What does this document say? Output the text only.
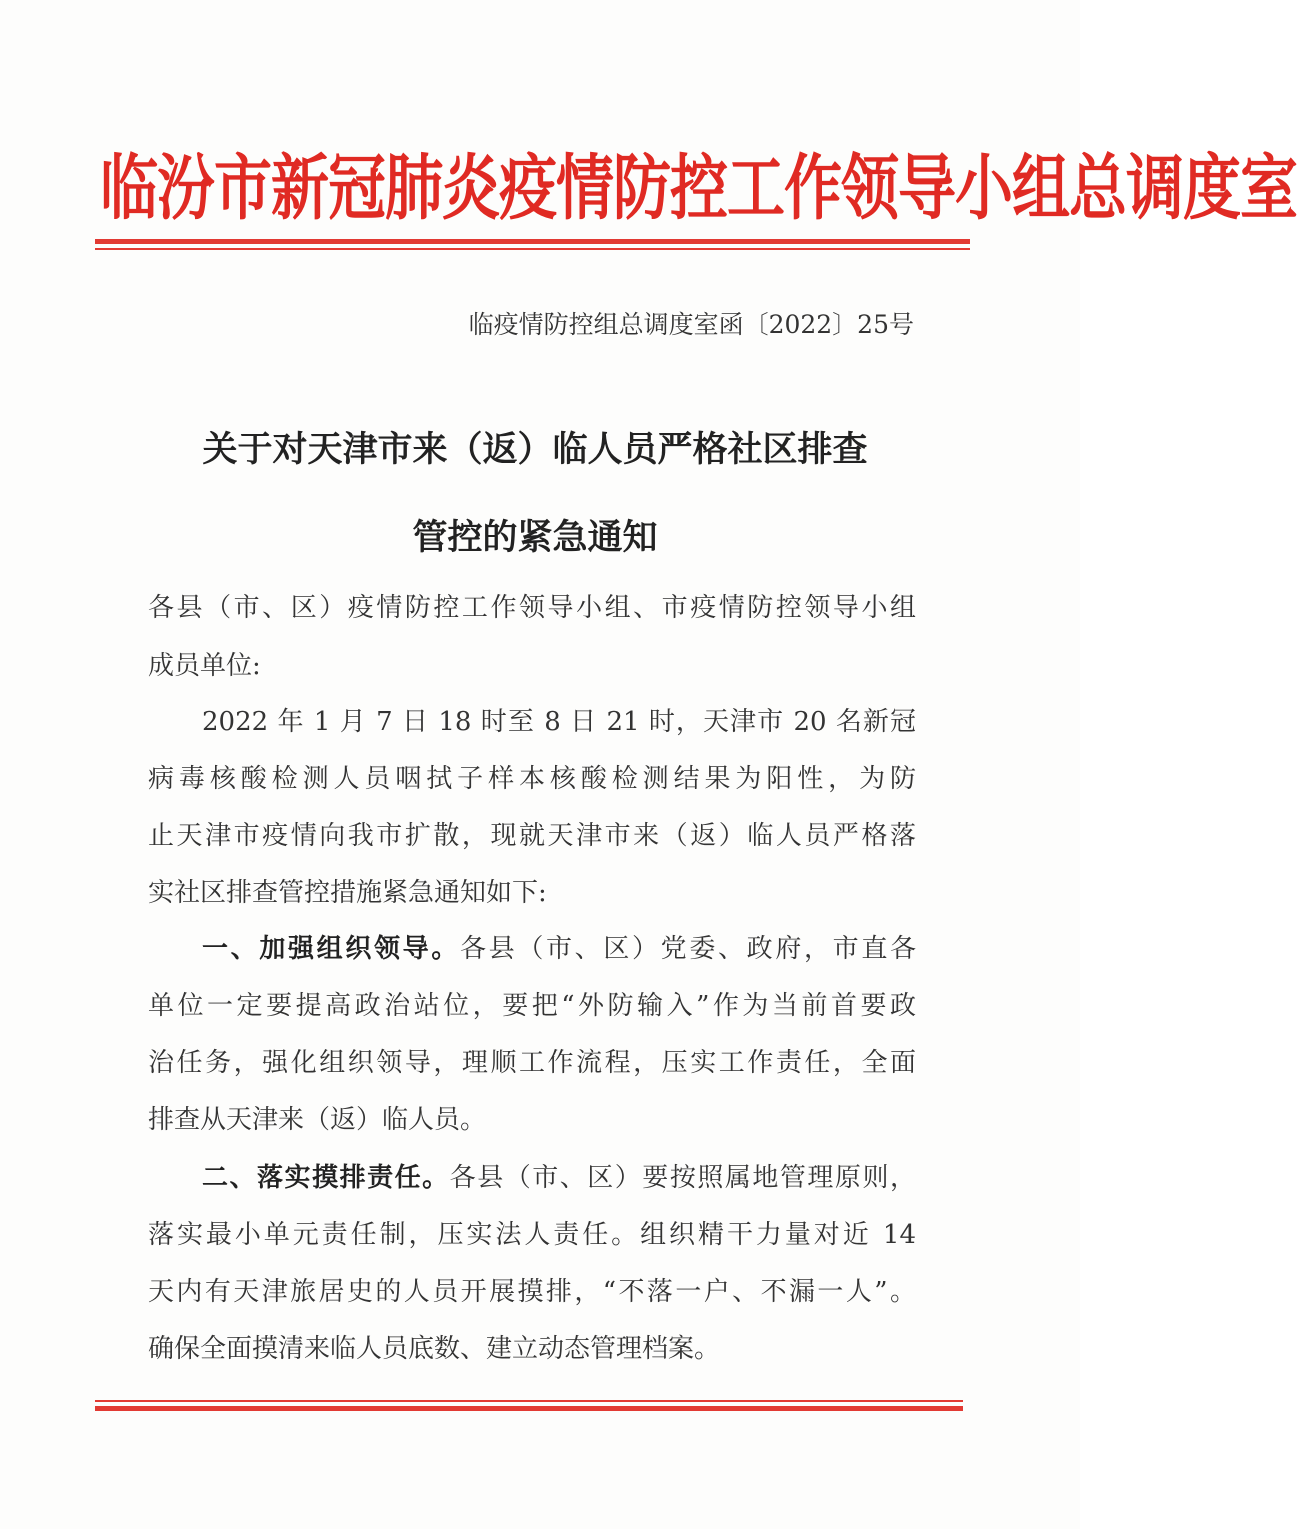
临汾市新冠肺炎疫情防控工作领导小组总调度室
临疫情防控组总调度室函〔2022〕25号
关于对天津市来（返）临人员严格社区排查
管控的紧急通知
各县（市、区）疫情防控工作领导小组、市疫情防控领导小组
成员单位:
2022 年 1 月 7 日 18 时至 8 日 21 时，天津市 20 名新冠
病毒核酸检测人员咽拭子样本核酸检测结果为阳性，为防
止天津市疫情向我市扩散，现就天津市来（返）临人员严格落
实社区排查管控措施紧急通知如下:
一、加强组织领导。各县（市、区）党委、政府，市直各
单位一定要提高政治站位，要把“外防输入”作为当前首要政
治任务，强化组织领导，理顺工作流程，压实工作责任，全面
排查从天津来（返）临人员。
二、落实摸排责任。各县（市、区）要按照属地管理原则，
落实最小单元责任制，压实法人责任。组织精干力量对近 14
天内有天津旅居史的人员开展摸排，“不落一户、不漏一人”。
确保全面摸清来临人员底数、建立动态管理档案。
